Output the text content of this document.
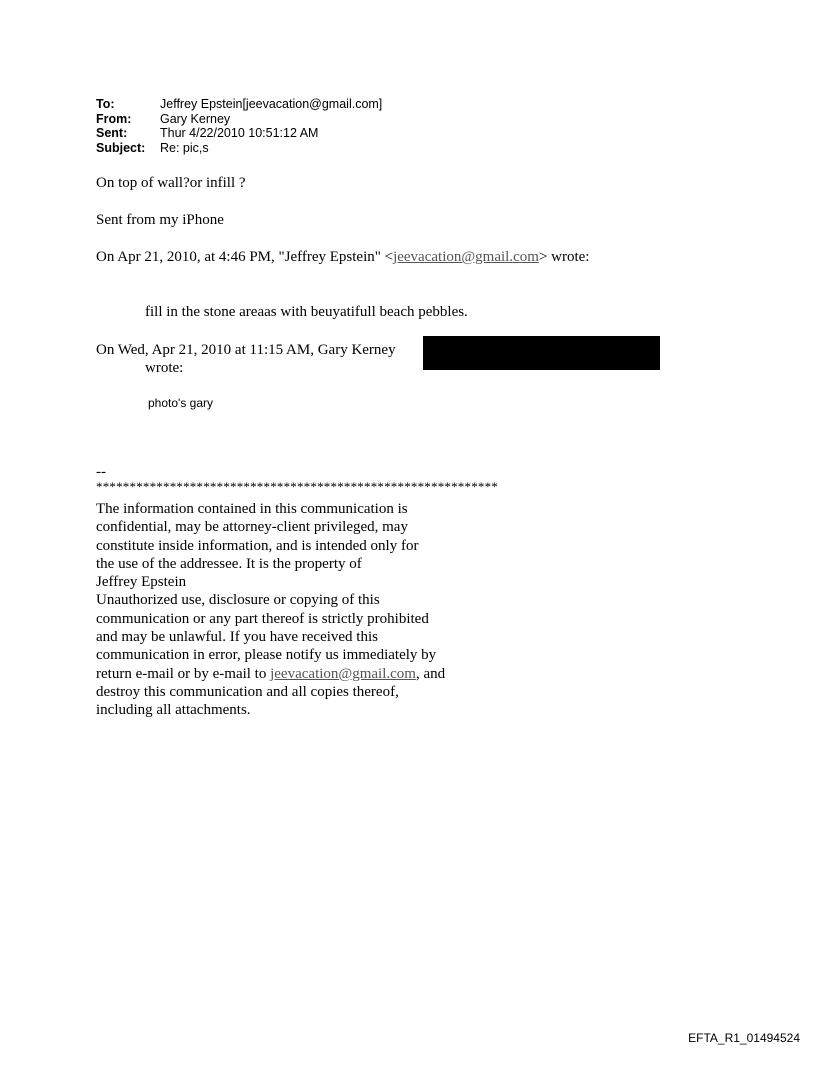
To:	Jeffrey Epstein[jeevacation@gmail.com]
From:	Gary Kerney
Sent:	Thur 4/22/2010 10:51:12 AM
Subject:	Re: pic,s
On top of wall?or infill ?
Sent from my iPhone
On Apr 21, 2010, at 4:46 PM, "Jeffrey Epstein" <jeevacation@gmail.com> wrote:
fill in the stone areaas with beuyatifull beach pebbles.
On Wed, Apr 21, 2010 at 11:15 AM, Gary Kerney
wrote:
photo's gary
--
************************************************************
The information contained in this communication is
confidential, may be attorney-client privileged, may
constitute inside information, and is intended only for
the use of the addressee. It is the property of
Jeffrey Epstein
Unauthorized use, disclosure or copying of this
communication or any part thereof is strictly prohibited
and may be unlawful. If you have received this
communication in error, please notify us immediately by
return e-mail or by e-mail to jeevacation@gmail.com, and
destroy this communication and all copies thereof,
including all attachments.
EFTA_R1_01494524
